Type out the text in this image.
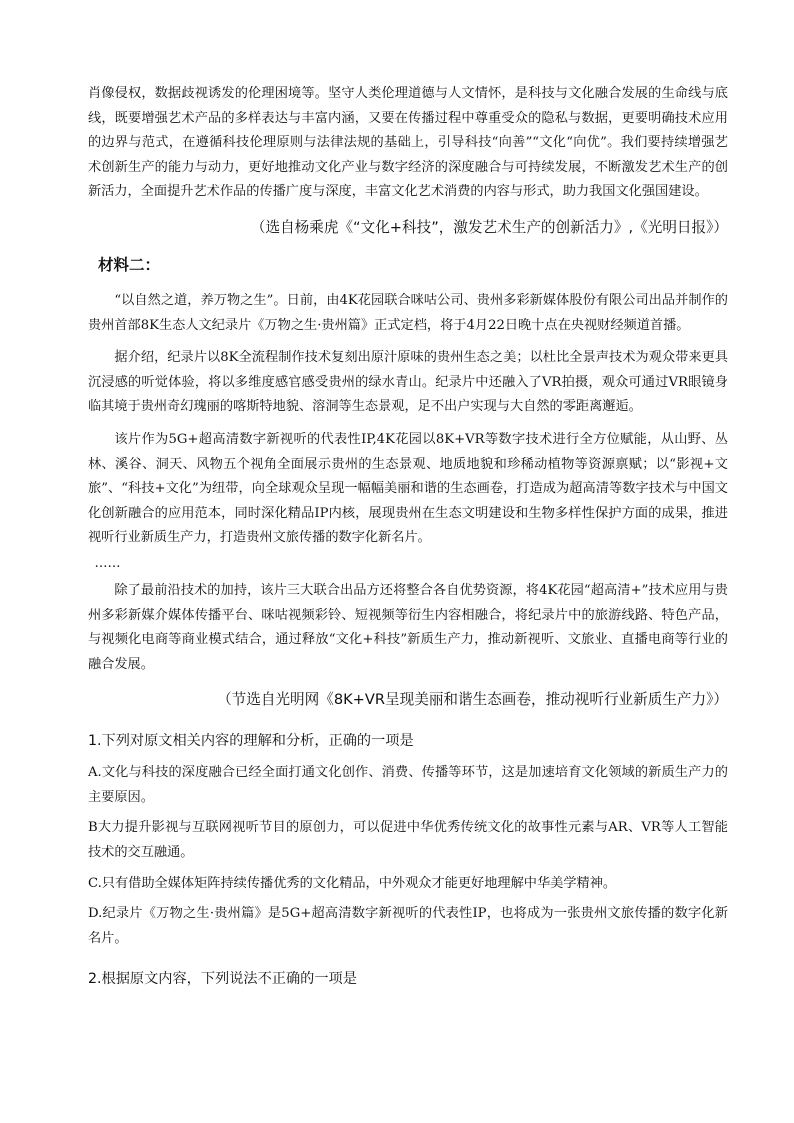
肖像侵权，数据歧视诱发的伦理困境等。坚守人类伦理道德与人文情怀，是科技与文化融合发展的生命线与底线，既要增强艺术产品的多样表达与丰富内涵，又要在传播过程中尊重受众的隐私与数据，更要明确技术应用的边界与范式，在遵循科技伦理原则与法律法规的基础上，引导科技“向善”“文化“向优”。我们要持续增强艺术创新生产的能力与动力，更好地推动文化产业与数字经济的深度融合与可持续发展，不断激发艺术生产的创新活力，全面提升艺术作品的传播广度与深度，丰富文化艺术消费的内容与形式，助力我国文化强国建设。

（选自杨乘虎《“文化+科技”，激发艺术生产的创新活力》,《光明日报》）

材料二：

“以自然之道，养万物之生”。日前，由4K花园联合咪咕公司、贵州多彩新媒体股份有限公司出品并制作的贵州首部8K生态人文纪录片《万物之生·贵州篇》正式定档，将于4月22日晚十点在央视财经频道首播。

据介绍，纪录片以8K全流程制作技术复刻出原汁原味的贵州生态之美；以杜比全景声技术为观众带来更具沉浸感的听觉体验，将以多维度感官感受贵州的绿水青山。纪录片中还融入了VR拍摄，观众可通过VR眼镜身临其境于贵州奇幻瑰丽的喀斯特地貌、溶洞等生态景观，足不出户实现与大自然的零距离邂逅。

该片作为5G+超高清数字新视听的代表性IP,4K花园以8K+VR等数字技术进行全方位赋能，从山野、丛林、溪谷、洞天、风物五个视角全面展示贵州的生态景观、地质地貌和珍稀动植物等资源禀赋；以“影视+文旅”、“科技+文化”为纽带，向全球观众呈现一幅幅美丽和谐的生态画卷，打造成为超高清等数字技术与中国文化创新融合的应用范本，同时深化精品IP内核，展现贵州在生态文明建设和生物多样性保护方面的成果，推进视听行业新质生产力，打造贵州文旅传播的数字化新名片。

……

除了最前沿技术的加持，该片三大联合出品方还将整合各自优势资源，将4K花园“超高清+”技术应用与贵州多彩新媒介媒体传播平台、咪咕视频彩铃、短视频等衍生内容相融合，将纪录片中的旅游线路、特色产品，与视频化电商等商业模式结合，通过释放“文化+科技”新质生产力，推动新视听、文旅业、直播电商等行业的融合发展。

（节选自光明网《8K+VR呈现美丽和谐生态画卷，推动视听行业新质生产力》）

1.下列对原文相关内容的理解和分析，正确的一项是

A.文化与科技的深度融合已经全面打通文化创作、消费、传播等环节，这是加速培育文化领域的新质生产力的主要原因。

B大力提升影视与互联网视听节目的原创力，可以促进中华优秀传统文化的故事性元素与AR、VR等人工智能技术的交互融通。

C.只有借助全媒体矩阵持续传播优秀的文化精品，中外观众才能更好地理解中华美学精神。

D.纪录片《万物之生·贵州篇》是5G+超高清数字新视听的代表性IP，也将成为一张贵州文旅传播的数字化新名片。

2.根据原文内容，下列说法不正确的一项是
